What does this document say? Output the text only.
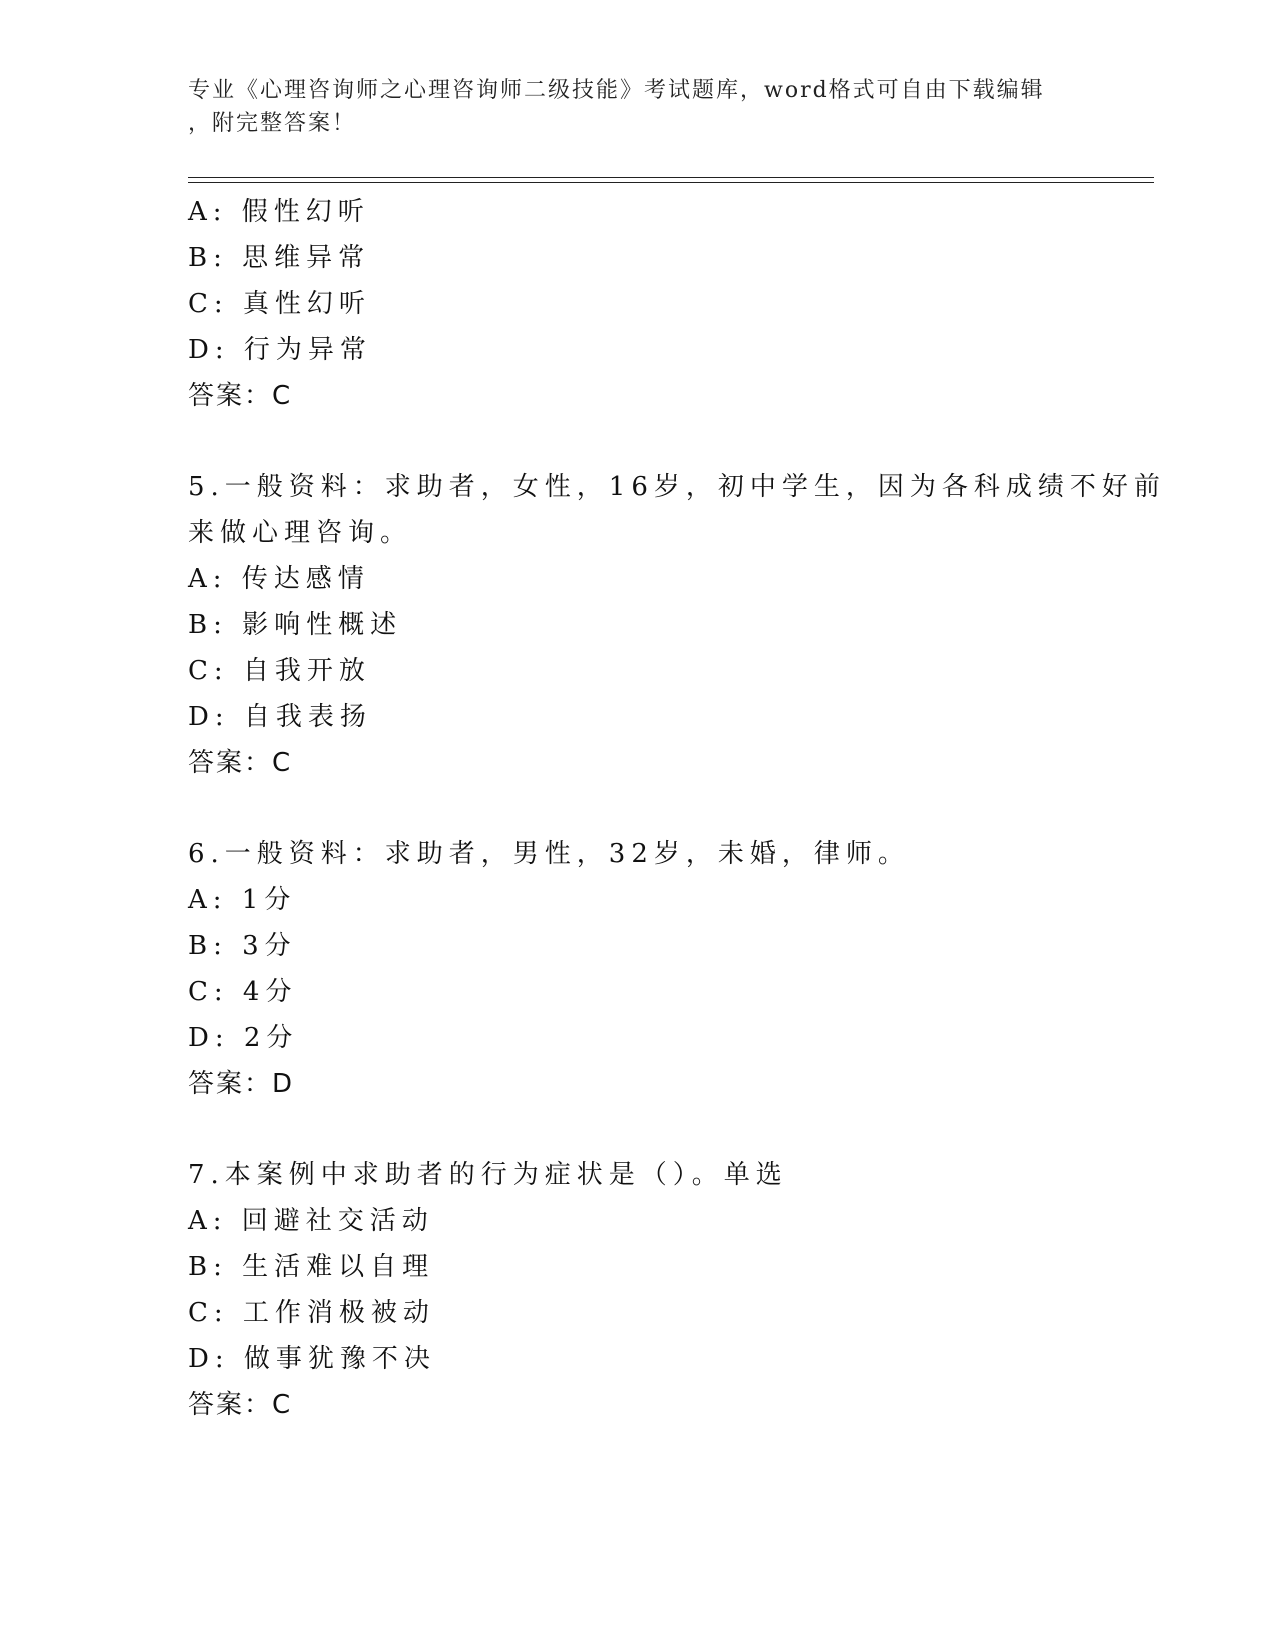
专业《心理咨询师之心理咨询师二级技能》考试题库，word格式可自由下载编辑
，附完整答案！
A: 假性幻听
B: 思维异常
C: 真性幻听
D: 行为异常
答案：C
5.一般资料：求助者，女性，16岁，初中学生，因为各科成绩不好前
来做心理咨询。
A: 传达感情
B: 影响性概述
C: 自我开放
D: 自我表扬
答案：C
6.一般资料：求助者，男性，32岁，未婚，律师。
A: 1分
B: 3分
C: 4分
D: 2分
答案：D
7.本案例中求助者的行为症状是（）。单选
A: 回避社交活动
B: 生活难以自理
C: 工作消极被动
D: 做事犹豫不决
答案：C
